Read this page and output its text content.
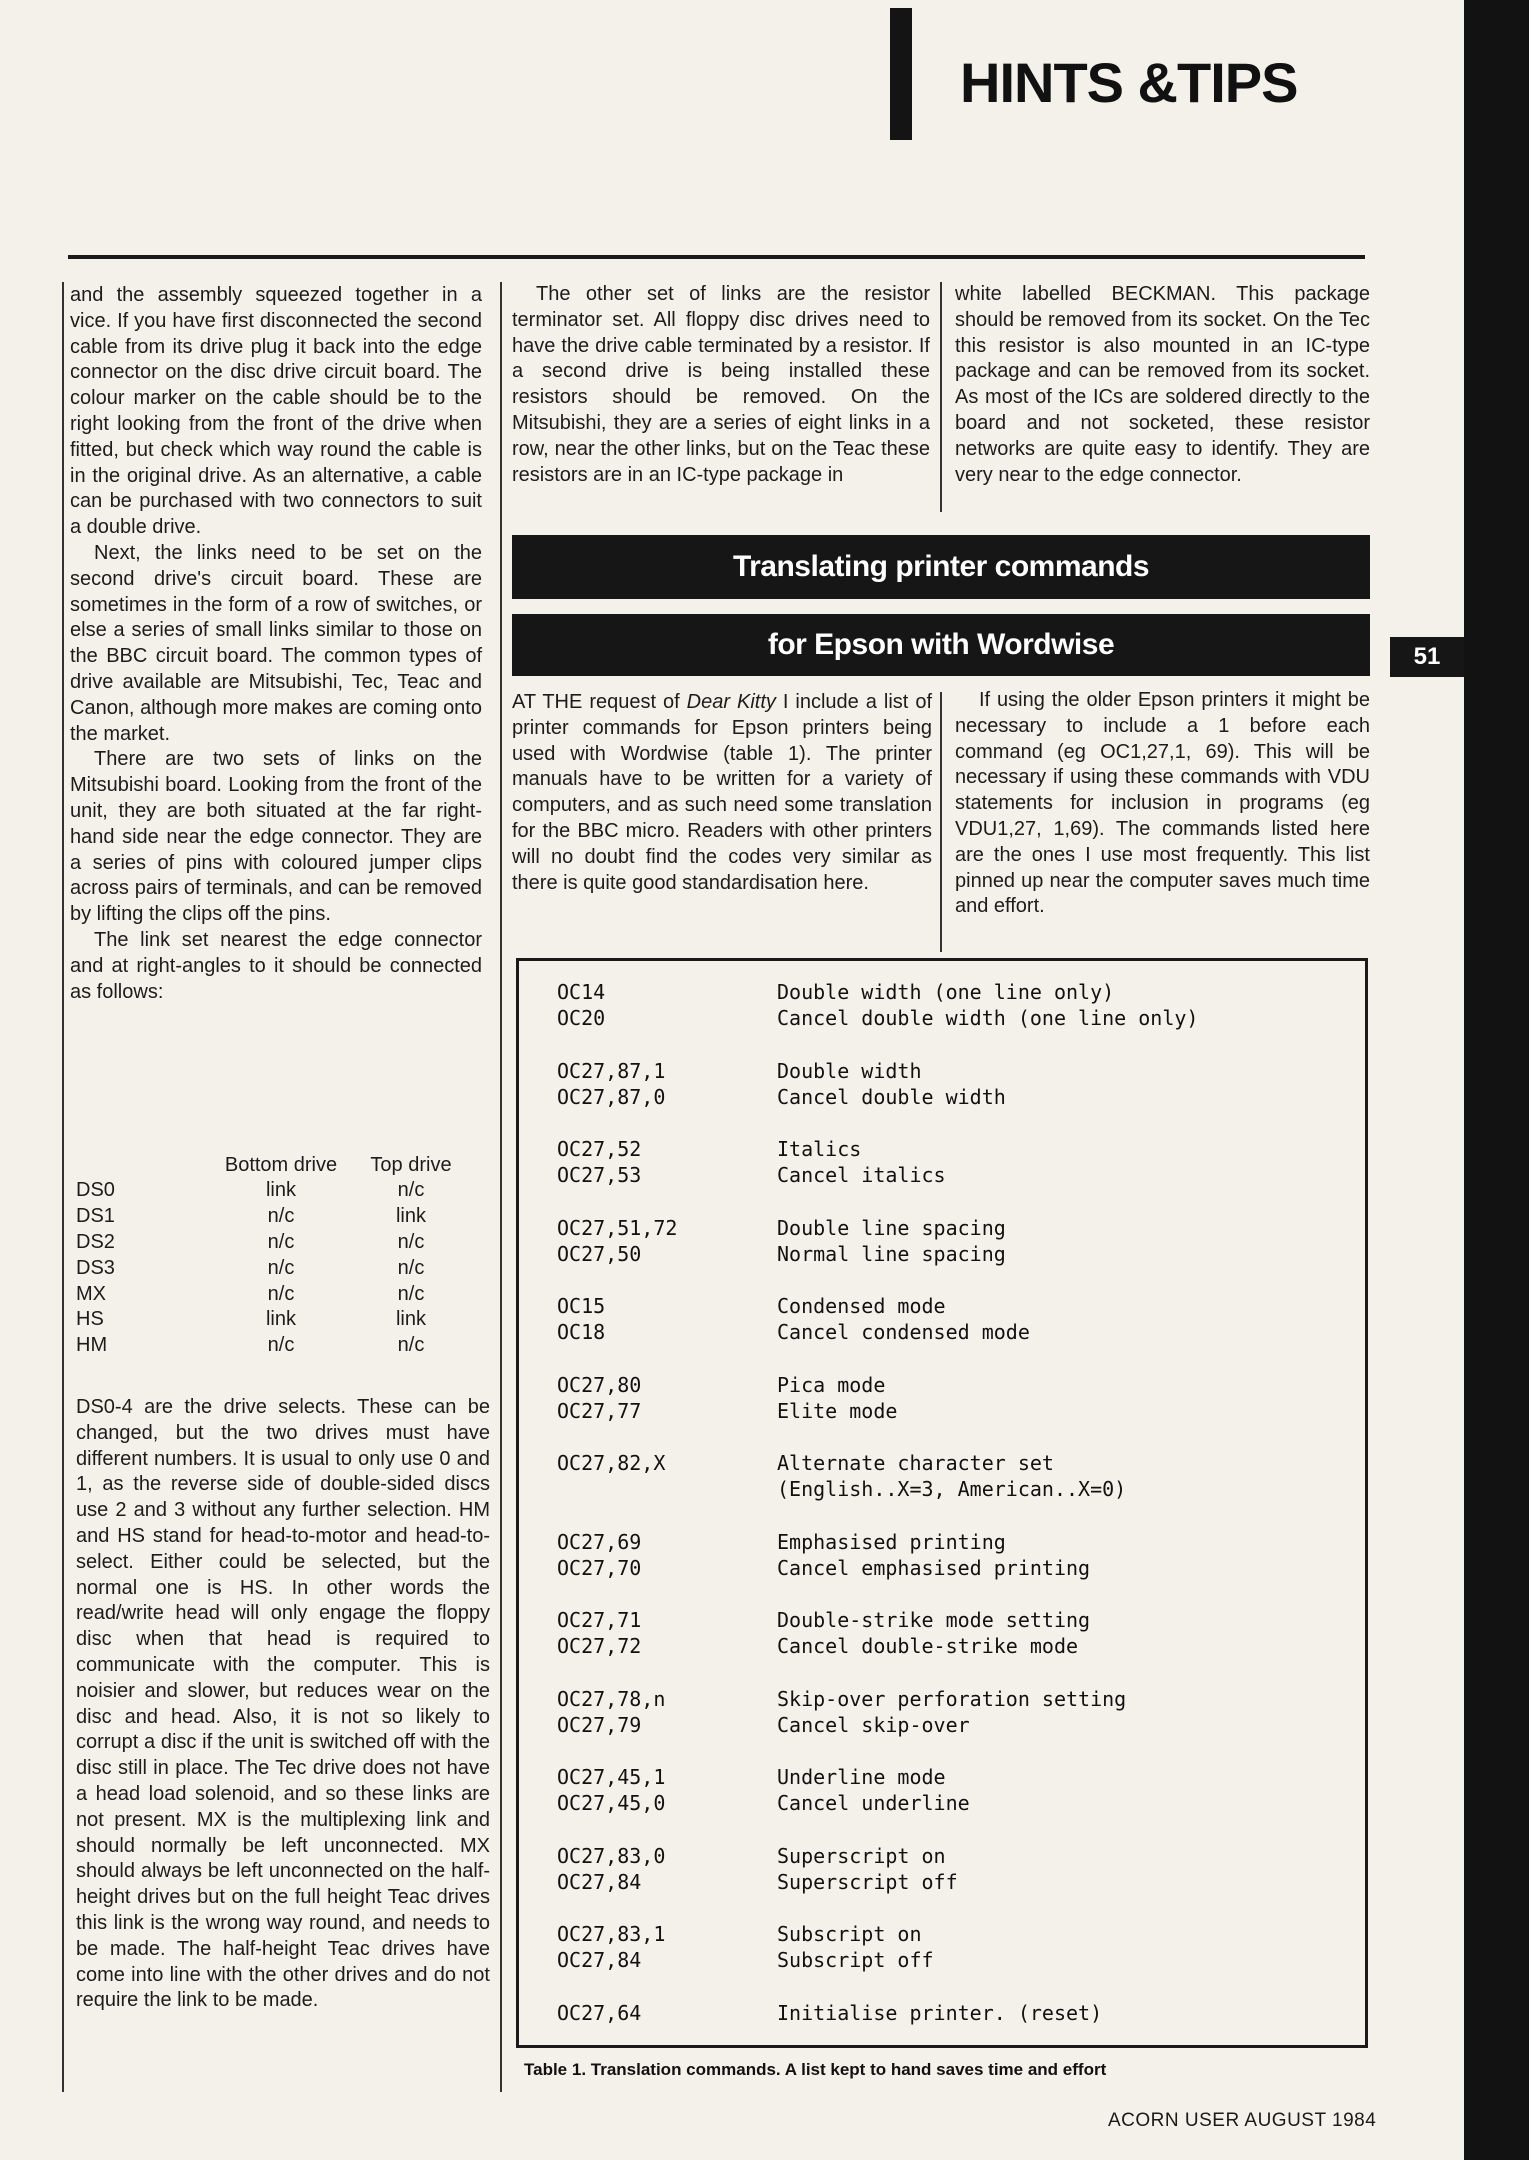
HINTS &TIPS

and the assembly squeezed together in a vice. If you have first disconnected the second cable from its drive plug it back into the edge connector on the disc drive circuit board. The colour marker on the cable should be to the right looking from the front of the drive when fitted, but check which way round the cable is in the original drive. As an alternative, a cable can be purchased with two connectors to suit a double drive.

Next, the links need to be set on the second drive's circuit board. These are sometimes in the form of a row of switches, or else a series of small links similar to those on the BBC circuit board. The common types of drive available are Mitsubishi, Tec, Teac and Canon, although more makes are coming onto the market.

There are two sets of links on the Mitsubishi board. Looking from the front of the unit, they are both situated at the far right-hand side near the edge connector. They are a series of pins with coloured jumper clips across pairs of terminals, and can be removed by lifting the clips off the pins.

The link set nearest the edge connector and at right-angles to it should be connected as follows:

	Bottom drive	Top drive
DS0	link	n/c
DS1	n/c	link
DS2	n/c	n/c
DS3	n/c	n/c
MX	n/c	n/c
HS	link	link
HM	n/c	n/c

DS0-4 are the drive selects. These can be changed, but the two drives must have different numbers. It is usual to only use 0 and 1, as the reverse side of double-sided discs use 2 and 3 without any further selection. HM and HS stand for head-to-motor and head-to-select. Either could be selected, but the normal one is HS. In other words the read/write head will only engage the floppy disc when that head is required to communicate with the computer. This is noisier and slower, but reduces wear on the disc and head. Also, it is not so likely to corrupt a disc if the unit is switched off with the disc still in place. The Tec drive does not have a head load solenoid, and so these links are not present. MX is the multiplexing link and should normally be left unconnected. MX should always be left unconnected on the half-height drives but on the full height Teac drives this link is the wrong way round, and needs to be made. The half-height Teac drives have come into line with the other drives and do not require the link to be made.

The other set of links are the resistor terminator set. All floppy disc drives need to have the drive cable terminated by a resistor. If a second drive is being installed these resistors should be removed. On the Mitsubishi, they are a series of eight links in a row, near the other links, but on the Teac these resistors are in an IC-type package in

white labelled BECKMAN. This package should be removed from its socket. On the Tec this resistor is also mounted in an IC-type package and can be removed from its socket. As most of the ICs are soldered directly to the board and not socketed, these resistor networks are quite easy to identify. They are very near to the edge connector.

Translating printer commands
for Epson with Wordwise	51

AT THE request of Dear Kitty I include a list of printer commands for Epson printers being used with Wordwise (table 1). The printer manuals have to be written for a variety of computers, and as such need some translation for the BBC micro. Readers with other printers will no doubt find the codes very similar as there is quite good standardisation here.

If using the older Epson printers it might be necessary to include a 1 before each command (eg OC1,27,1, 69). This will be necessary if using these commands with VDU statements for inclusion in programs (eg VDU1,27, 1,69). The commands listed here are the ones I use most frequently. This list pinned up near the computer saves much time and effort.

OC14	Double width (one line only)
OC20	Cancel double width (one line only)
OC27,87,1	Double width
OC27,87,0	Cancel double width
OC27,52	Italics
OC27,53	Cancel italics
OC27,51,72	Double line spacing
OC27,50	Normal line spacing
OC15	Condensed mode
OC18	Cancel condensed mode
OC27,80	Pica mode
OC27,77	Elite mode
OC27,82,X	Alternate character set
(English..X=3, American..X=0)
OC27,69	Emphasised printing
OC27,70	Cancel emphasised printing
OC27,71	Double-strike mode setting
OC27,72	Cancel double-strike mode
OC27,78,n	Skip-over perforation setting
OC27,79	Cancel skip-over
OC27,45,1	Underline mode
OC27,45,0	Cancel underline
OC27,83,0	Superscript on
OC27,84	Superscript off
OC27,83,1	Subscript on
OC27,84	Subscript off
OC27,64	Initialise printer. (reset)
Table 1. Translation commands. A list kept to hand saves time and effort
ACORN USER AUGUST 1984
